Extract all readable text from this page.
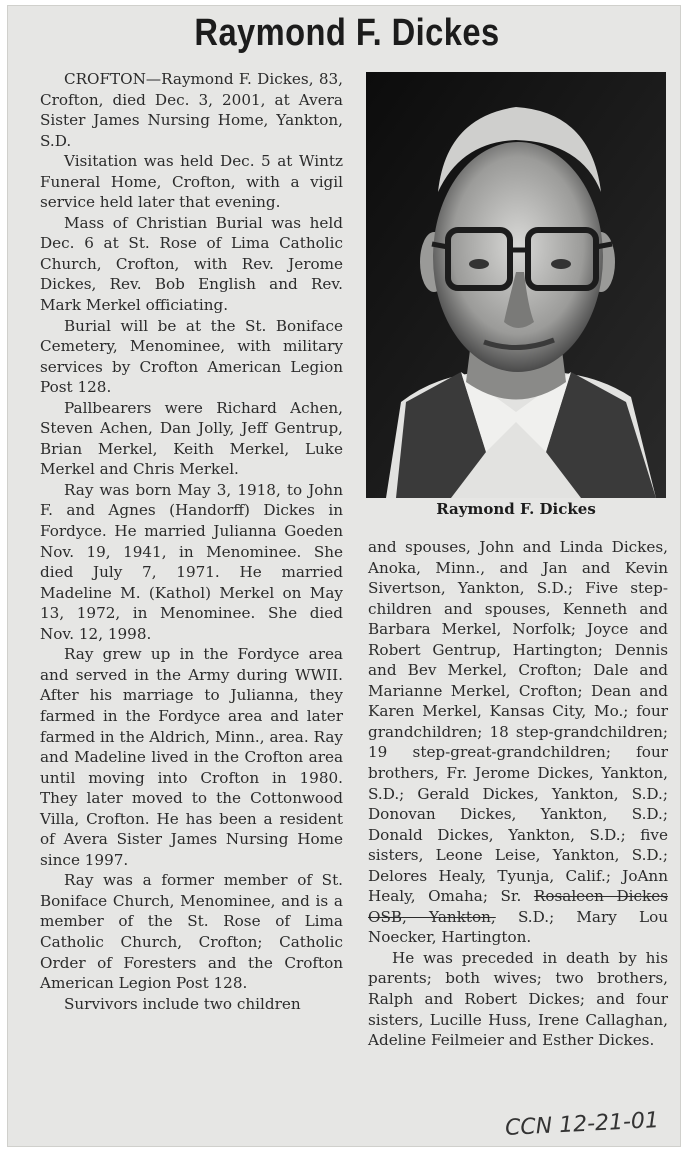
Raymond F. Dickes

CROFTON—Raymond F. Dickes, 83, Crofton, died Dec. 3, 2001, at Avera Sister James Nursing Home, Yankton, S.D.

Visitation was held Dec. 5 at Wintz Funeral Home, Crofton, with a vigil service held later that evening.

Mass of Christian Burial was held Dec. 6 at St. Rose of Lima Catholic Church, Crofton, with Rev. Jerome Dickes, Rev. Bob English and Rev. Mark Merkel officiating.

Burial will be at the St. Boniface Cemetery, Menominee, with military services by Crofton American Legion Post 128.

Pallbearers were Richard Achen, Steven Achen, Dan Jolly, Jeff Gentrup, Brian Merkel, Keith Merkel, Luke Merkel and Chris Merkel.

Ray was born May 3, 1918, to John F. and Agnes (Handorff) Dickes in Fordyce. He married Julianna Goeden Nov. 19, 1941, in Menominee. She died July 7, 1971. He married Madeline M. (Kathol) Merkel on May 13, 1972, in Menominee. She died Nov. 12, 1998.

Ray grew up in the Fordyce area and served in the Army during WWII. After his marriage to Julianna, they farmed in the Fordyce area and later farmed in the Aldrich, Minn., area. Ray and Madeline lived in the Crofton area until moving into Crofton in 1980. They later moved to the Cottonwood Villa, Crofton. He has been a resident of Avera Sister James Nursing Home since 1997.

Ray was a former member of St. Boniface Church, Menominee, and is a member of the St. Rose of Lima Catholic Church, Crofton; Catholic Order of Foresters and the Crofton American Legion Post 128.

Survivors include two children

Raymond F. Dickes

and spouses, John and Linda Dickes, Anoka, Minn., and Jan and Kevin Sivertson, Yankton, S.D.; Five step-children and spouses, Kenneth and Barbara Merkel, Norfolk; Joyce and Robert Gentrup, Hartington; Dennis and Bev Merkel, Crofton; Dale and Marianne Merkel, Crofton; Dean and Karen Merkel, Kansas City, Mo.; four grandchildren; 18 step-grandchildren; 19 step-great-grandchildren; four brothers, Fr. Jerome Dickes, Yankton, S.D.; Gerald Dickes, Yankton, S.D.; Donovan Dickes, Yankton, S.D.; Donald Dickes, Yankton, S.D.; five sisters, Leone Leise, Yankton, S.D.; Delores Healy, Tyunja, Calif.; JoAnn Healy, Omaha; Sr. Rosaleen Dickes OSB, Yankton, S.D.; Mary Lou Noecker, Hartington.

He was preceded in death by his parents; both wives; two brothers, Ralph and Robert Dickes; and four sisters, Lucille Huss, Irene Callaghan, Adeline Feilmeier and Esther Dickes.

CCN 12-21-01
